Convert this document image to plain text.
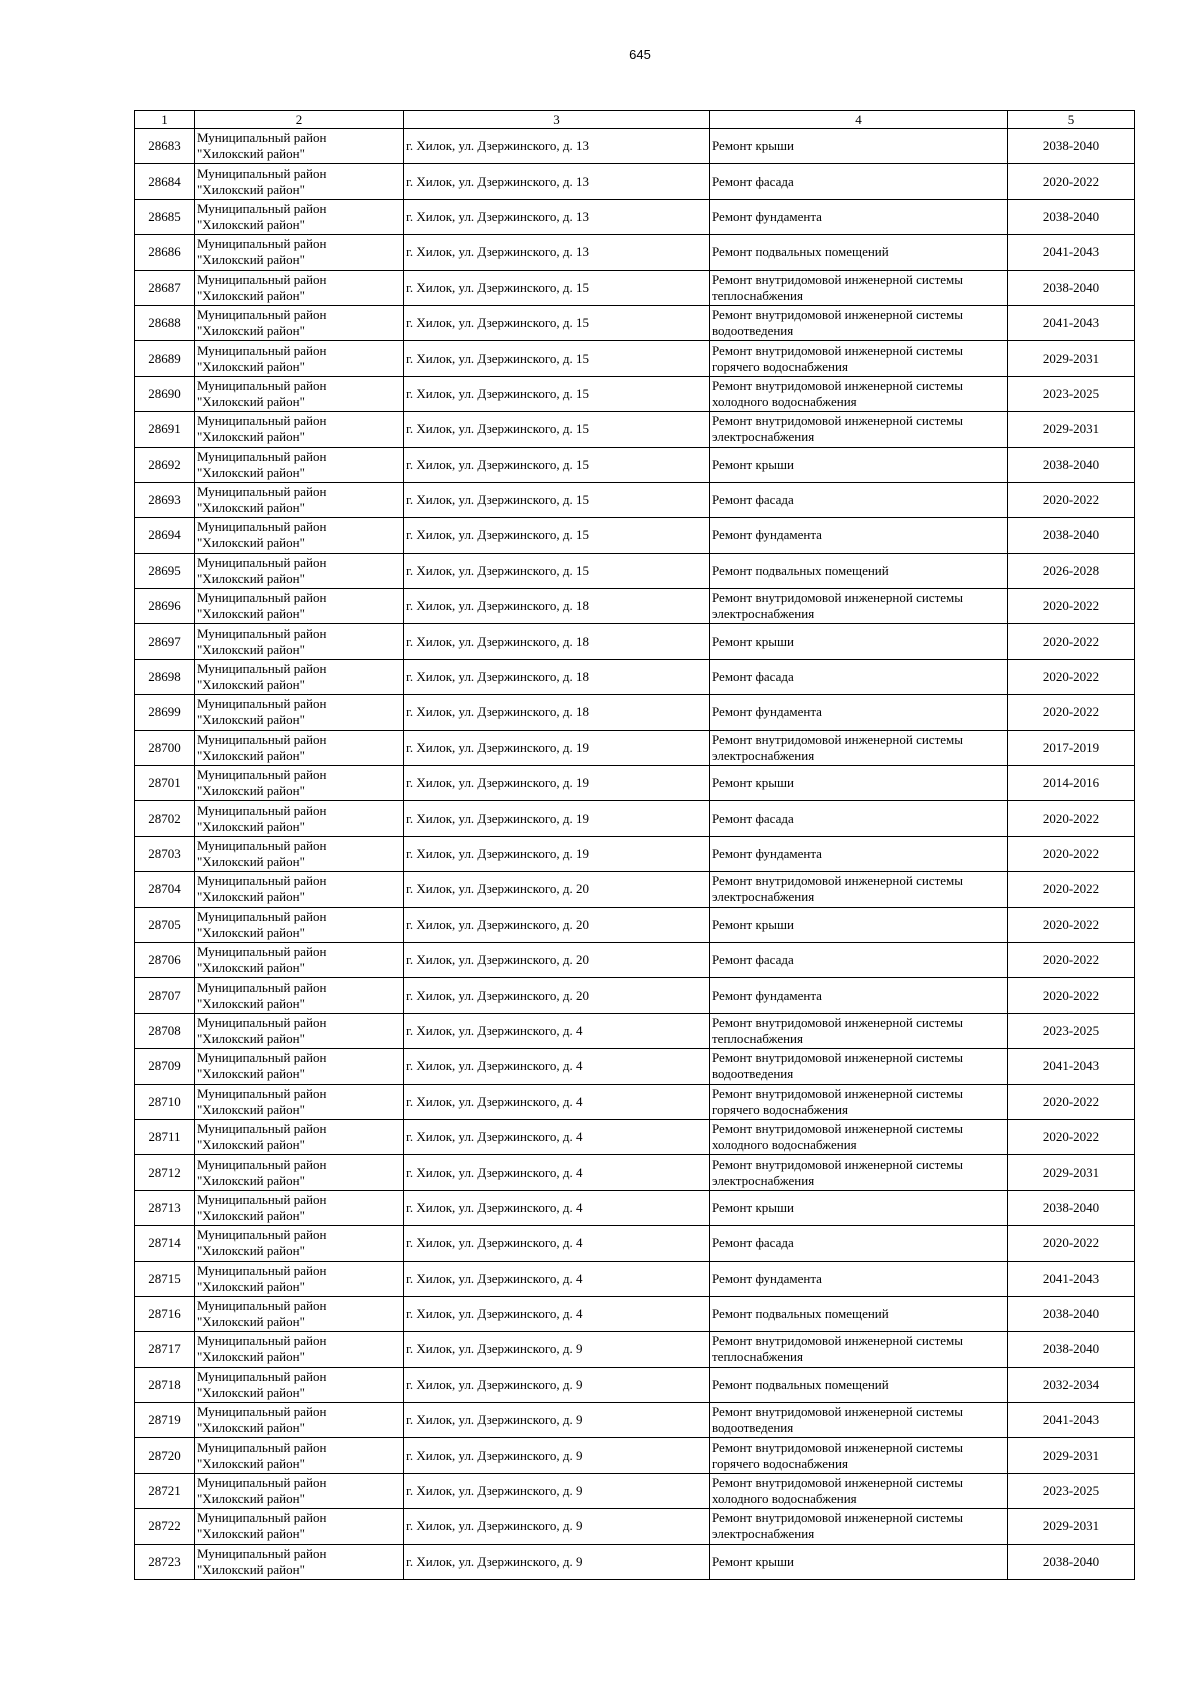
645
1	2	3	4	5
28683	Муниципальный район
"Хилокский район"	г. Хилок, ул. Дзержинского, д. 13	Ремонт крыши	2038-2040
28684	Муниципальный район
"Хилокский район"	г. Хилок, ул. Дзержинского, д. 13	Ремонт фасада	2020-2022
28685	Муниципальный район
"Хилокский район"	г. Хилок, ул. Дзержинского, д. 13	Ремонт фундамента	2038-2040
28686	Муниципальный район
"Хилокский район"	г. Хилок, ул. Дзержинского, д. 13	Ремонт подвальных помещений	2041-2043
28687	Муниципальный район
"Хилокский район"	г. Хилок, ул. Дзержинского, д. 15	Ремонт внутридомовой инженерной системы
теплоснабжения	2038-2040
28688	Муниципальный район
"Хилокский район"	г. Хилок, ул. Дзержинского, д. 15	Ремонт внутридомовой инженерной системы
водоотведения	2041-2043
28689	Муниципальный район
"Хилокский район"	г. Хилок, ул. Дзержинского, д. 15	Ремонт внутридомовой инженерной системы
горячего водоснабжения	2029-2031
28690	Муниципальный район
"Хилокский район"	г. Хилок, ул. Дзержинского, д. 15	Ремонт внутридомовой инженерной системы
холодного водоснабжения	2023-2025
28691	Муниципальный район
"Хилокский район"	г. Хилок, ул. Дзержинского, д. 15	Ремонт внутридомовой инженерной системы
электроснабжения	2029-2031
28692	Муниципальный район
"Хилокский район"	г. Хилок, ул. Дзержинского, д. 15	Ремонт крыши	2038-2040
28693	Муниципальный район
"Хилокский район"	г. Хилок, ул. Дзержинского, д. 15	Ремонт фасада	2020-2022
28694	Муниципальный район
"Хилокский район"	г. Хилок, ул. Дзержинского, д. 15	Ремонт фундамента	2038-2040
28695	Муниципальный район
"Хилокский район"	г. Хилок, ул. Дзержинского, д. 15	Ремонт подвальных помещений	2026-2028
28696	Муниципальный район
"Хилокский район"	г. Хилок, ул. Дзержинского, д. 18	Ремонт внутридомовой инженерной системы
электроснабжения	2020-2022
28697	Муниципальный район
"Хилокский район"	г. Хилок, ул. Дзержинского, д. 18	Ремонт крыши	2020-2022
28698	Муниципальный район
"Хилокский район"	г. Хилок, ул. Дзержинского, д. 18	Ремонт фасада	2020-2022
28699	Муниципальный район
"Хилокский район"	г. Хилок, ул. Дзержинского, д. 18	Ремонт фундамента	2020-2022
28700	Муниципальный район
"Хилокский район"	г. Хилок, ул. Дзержинского, д. 19	Ремонт внутридомовой инженерной системы
электроснабжения	2017-2019
28701	Муниципальный район
"Хилокский район"	г. Хилок, ул. Дзержинского, д. 19	Ремонт крыши	2014-2016
28702	Муниципальный район
"Хилокский район"	г. Хилок, ул. Дзержинского, д. 19	Ремонт фасада	2020-2022
28703	Муниципальный район
"Хилокский район"	г. Хилок, ул. Дзержинского, д. 19	Ремонт фундамента	2020-2022
28704	Муниципальный район
"Хилокский район"	г. Хилок, ул. Дзержинского, д. 20	Ремонт внутридомовой инженерной системы
электроснабжения	2020-2022
28705	Муниципальный район
"Хилокский район"	г. Хилок, ул. Дзержинского, д. 20	Ремонт крыши	2020-2022
28706	Муниципальный район
"Хилокский район"	г. Хилок, ул. Дзержинского, д. 20	Ремонт фасада	2020-2022
28707	Муниципальный район
"Хилокский район"	г. Хилок, ул. Дзержинского, д. 20	Ремонт фундамента	2020-2022
28708	Муниципальный район
"Хилокский район"	г. Хилок, ул. Дзержинского, д. 4	Ремонт внутридомовой инженерной системы
теплоснабжения	2023-2025
28709	Муниципальный район
"Хилокский район"	г. Хилок, ул. Дзержинского, д. 4	Ремонт внутридомовой инженерной системы
водоотведения	2041-2043
28710	Муниципальный район
"Хилокский район"	г. Хилок, ул. Дзержинского, д. 4	Ремонт внутридомовой инженерной системы
горячего водоснабжения	2020-2022
28711	Муниципальный район
"Хилокский район"	г. Хилок, ул. Дзержинского, д. 4	Ремонт внутридомовой инженерной системы
холодного водоснабжения	2020-2022
28712	Муниципальный район
"Хилокский район"	г. Хилок, ул. Дзержинского, д. 4	Ремонт внутридомовой инженерной системы
электроснабжения	2029-2031
28713	Муниципальный район
"Хилокский район"	г. Хилок, ул. Дзержинского, д. 4	Ремонт крыши	2038-2040
28714	Муниципальный район
"Хилокский район"	г. Хилок, ул. Дзержинского, д. 4	Ремонт фасада	2020-2022
28715	Муниципальный район
"Хилокский район"	г. Хилок, ул. Дзержинского, д. 4	Ремонт фундамента	2041-2043
28716	Муниципальный район
"Хилокский район"	г. Хилок, ул. Дзержинского, д. 4	Ремонт подвальных помещений	2038-2040
28717	Муниципальный район
"Хилокский район"	г. Хилок, ул. Дзержинского, д. 9	Ремонт внутридомовой инженерной системы
теплоснабжения	2038-2040
28718	Муниципальный район
"Хилокский район"	г. Хилок, ул. Дзержинского, д. 9	Ремонт подвальных помещений	2032-2034
28719	Муниципальный район
"Хилокский район"	г. Хилок, ул. Дзержинского, д. 9	Ремонт внутридомовой инженерной системы
водоотведения	2041-2043
28720	Муниципальный район
"Хилокский район"	г. Хилок, ул. Дзержинского, д. 9	Ремонт внутридомовой инженерной системы
горячего водоснабжения	2029-2031
28721	Муниципальный район
"Хилокский район"	г. Хилок, ул. Дзержинского, д. 9	Ремонт внутридомовой инженерной системы
холодного водоснабжения	2023-2025
28722	Муниципальный район
"Хилокский район"	г. Хилок, ул. Дзержинского, д. 9	Ремонт внутридомовой инженерной системы
электроснабжения	2029-2031
28723	Муниципальный район
"Хилокский район"	г. Хилок, ул. Дзержинского, д. 9	Ремонт крыши	2038-2040
